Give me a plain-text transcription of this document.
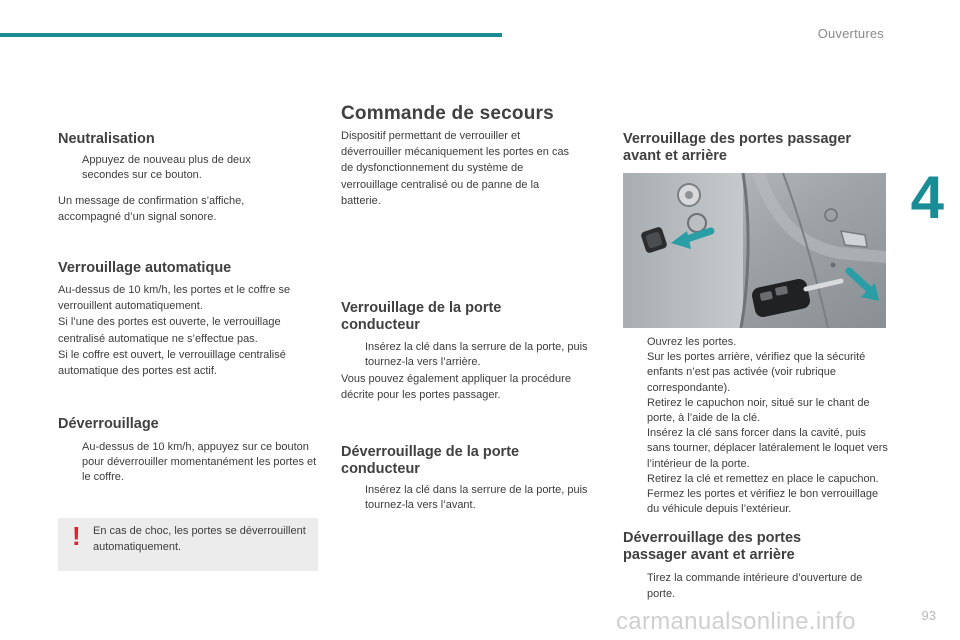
Ouvertures
4
93
Neutralisation
Appuyez de nouveau plus de deux secondes sur ce bouton.

Un message de confirmation s’affiche, accompagné d’un signal sonore.

Verrouillage automatique

Au-dessus de 10 km/h, les portes et le coffre se verrouillent automatiquement.
Si l’une des portes est ouverte, le verrouillage centralisé automatique ne s’effectue pas.
Si le coffre est ouvert, le verrouillage centralisé automatique des portes est actif.

Déverrouillage
Au-dessus de 10 km/h, appuyez sur ce bouton pour déverrouiller momentanément les portes et le coffre.
! En cas de choc, les portes se déverrouillent automatiquement.
Commande de secours

Dispositif permettant de verrouiller et déverrouiller mécaniquement les portes en cas de dysfonctionnement du système de verrouillage centralisé ou de panne de la batterie.

Verrouillage de la porte conducteur
Insérez la clé dans la serrure de la porte, puis tournez-la vers l’arrière.

Vous pouvez également appliquer la procédure décrite pour les portes passager.

Déverrouillage de la porte conducteur
Insérez la clé dans la serrure de la porte, puis tournez-la vers l’avant.
Verrouillage des portes passager avant et arrière
Ouvrez les portes.
Sur les portes arrière, vérifiez que la sécurité enfants n’est pas activée (voir rubrique correspondante).
Retirez le capuchon noir, situé sur le chant de porte, à l’aide de la clé.
Insérez la clé sans forcer dans la cavité, puis sans tourner, déplacer latéralement le loquet vers l’intérieur de la porte.
Retirez la clé et remettez en place le capuchon.
Fermez les portes et vérifiez le bon verrouillage du véhicule depuis l’extérieur.
Déverrouillage des portes passager avant et arrière
Tirez la commande intérieure d’ouverture de porte.
carmanualsonline.info
